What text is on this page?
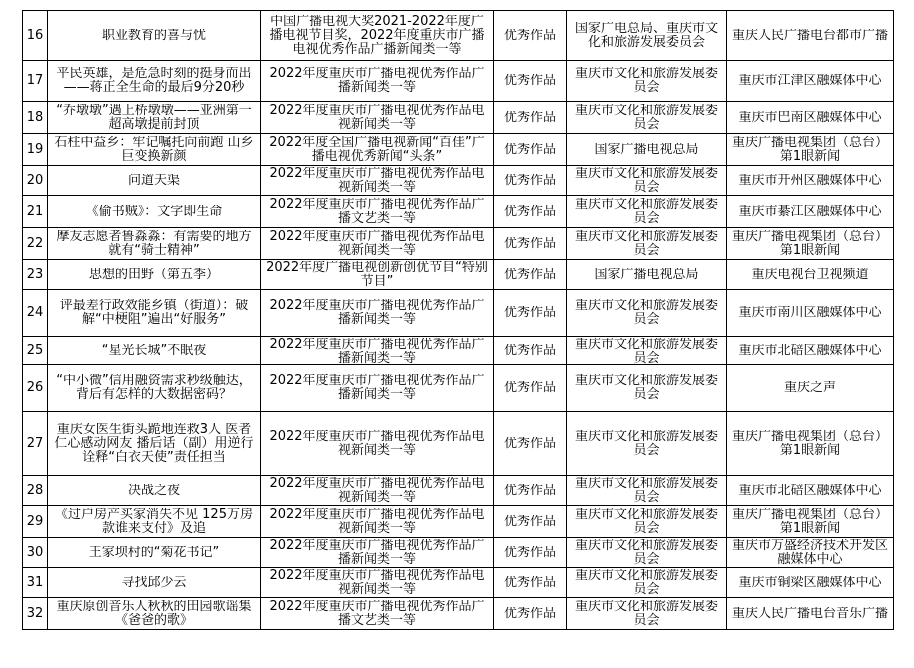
16	职业教育的喜与忧	中国广播电视大奖2021-2022年度广播电视节目奖，2022年度重庆市广播电视优秀作品广播新闻类一等	优秀作品	国家广电总局、重庆市文化和旅游发展委员会	重庆人民广播电台都市广播

17	平民英雄，是危急时刻的挺身而出——蒋正全生命的最后9分20秒	2022年度重庆市广播电视优秀作品广播新闻类一等	优秀作品	重庆市文化和旅游发展委员会	重庆市江津区融媒体中心

18	“乔墩墩”遇上桥墩墩——亚洲第一超高墩提前封顶	2022年度重庆市广播电视优秀作品电视新闻类一等	优秀作品	重庆市文化和旅游发展委员会	重庆市巴南区融媒体中心

19	石柱中益乡：牢记嘱托向前跑 山乡巨变换新颜	2022年度全国广播电视新闻“百佳”广播电视优秀新闻“头条”	优秀作品	国家广播电视总局	重庆广播电视集团（总台）第1眼新闻

20	问道天渠	2022年度重庆市广播电视优秀作品电视新闻类一等	优秀作品	重庆市文化和旅游发展委员会	重庆市开州区融媒体中心

21	《偷书贼》：文字即生命	2022年度重庆市广播电视优秀作品广播文艺类一等	优秀作品	重庆市文化和旅游发展委员会	重庆市綦江区融媒体中心

22	摩友志愿者鲁淼淼：有需要的地方就有“骑士精神”	2022年度重庆市广播电视优秀作品电视新闻类一等	优秀作品	重庆市文化和旅游发展委员会	重庆广播电视集团（总台）第1眼新闻

23	思想的田野（第五季）	2022年度广播电视创新创优节目“特别节目”	优秀作品	国家广播电视总局	重庆电视台卫视频道

24	评最差行政效能乡镇（街道）：破解“中梗阻”遍出“好服务”	2022年度重庆市广播电视优秀作品广播新闻类一等	优秀作品	重庆市文化和旅游发展委员会	重庆市南川区融媒体中心

25	“星光长城”不眠夜	2022年度重庆市广播电视优秀作品广播新闻类一等	优秀作品	重庆市文化和旅游发展委员会	重庆市北碚区融媒体中心

26	“中小微”信用融资需求秒级触达，背后有怎样的大数据密码？	2022年度重庆市广播电视优秀作品广播新闻类一等	优秀作品	重庆市文化和旅游发展委员会	重庆之声

27	重庆女医生街头跪地连救3人 医者仁心感动网友 播后话（副）用逆行诠释“白衣天使”责任担当	2022年度重庆市广播电视优秀作品电视新闻类一等	优秀作品	重庆市文化和旅游发展委员会	重庆广播电视集团（总台）第1眼新闻

28	决战之夜	2022年度重庆市广播电视优秀作品电视新闻类一等	优秀作品	重庆市文化和旅游发展委员会	重庆市北碚区融媒体中心

29	《过户房产买家消失不见 125万房款谁来支付》及追	2022年度重庆市广播电视优秀作品电视新闻类一等	优秀作品	重庆市文化和旅游发展委员会	重庆广播电视集团（总台）第1眼新闻

30	王家坝村的“菊花书记”	2022年度重庆市广播电视优秀作品广播新闻类一等	优秀作品	重庆市文化和旅游发展委员会	重庆市万盛经济技术开发区融媒体中心

31	寻找邱少云	2022年度重庆市广播电视优秀作品电视新闻类一等	优秀作品	重庆市文化和旅游发展委员会	重庆市铜梁区融媒体中心

32	重庆原创音乐人秋秋的田园歌谣集《爸爸的歌》	2022年度重庆市广播电视优秀作品广播文艺类一等	优秀作品	重庆市文化和旅游发展委员会	重庆人民广播电台音乐广播
